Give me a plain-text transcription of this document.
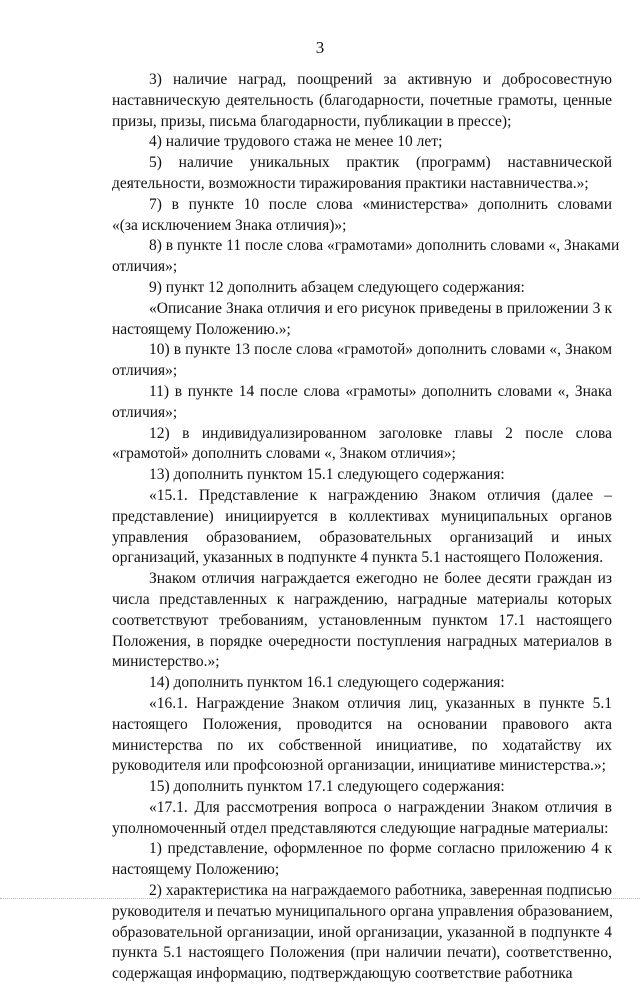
3
3) наличие наград, поощрений за активную и добросовестную
наставническую деятельность (благодарности, почетные грамоты, ценные
призы, призы, письма благодарности, публикации в прессе);
4) наличие трудового стажа не менее 10 лет;
5) наличие уникальных практик (программ) наставнической
деятельности, возможности тиражирования практики наставничества.»;
7) в пункте 10 после слова «министерства» дополнить словами
«(за исключением Знака отличия)»;
8) в пункте 11 после слова «грамотами» дополнить словами «, Знаками
отличия»;
9) пункт 12 дополнить абзацем следующего содержания:
«Описание Знака отличия и его рисунок приведены в приложении 3 к
настоящему Положению.»;
10) в пункте 13 после слова «грамотой» дополнить словами «, Знаком
отличия»;
11) в пункте 14 после слова «грамоты» дополнить словами «, Знака
отличия»;
12) в индивидуализированном заголовке главы 2 после слова
«грамотой» дополнить словами «, Знаком отличия»;
13) дополнить пунктом 15.1 следующего содержания:
«15.1. Представление к награждению Знаком отличия (далее –
представление) инициируется в коллективах муниципальных органов
управления образованием, образовательных организаций и иных
организаций, указанных в подпункте 4 пункта 5.1 настоящего Положения.
Знаком отличия награждается ежегодно не более десяти граждан из
числа представленных к награждению, наградные материалы которых
соответствуют требованиям, установленным пунктом 17.1 настоящего
Положения, в порядке очередности поступления наградных материалов в
министерство.»;
14) дополнить пунктом 16.1 следующего содержания:
«16.1. Награждение Знаком отличия лиц, указанных в пункте 5.1
настоящего Положения, проводится на основании правового акта
министерства по их собственной инициативе, по ходатайству их
руководителя или профсоюзной организации, инициативе министерства.»;
15) дополнить пунктом 17.1 следующего содержания:
«17.1. Для рассмотрения вопроса о награждении Знаком отличия в
уполномоченный отдел представляются следующие наградные материалы:
1) представление, оформленное по форме согласно приложению 4 к
настоящему Положению;
2) характеристика на награждаемого работника, заверенная подписью
руководителя и печатью муниципального органа управления образованием,
образовательной организации, иной организации, указанной в подпункте 4
пункта 5.1 настоящего Положения (при наличии печати), соответственно,
содержащая информацию, подтверждающую соответствие работника
